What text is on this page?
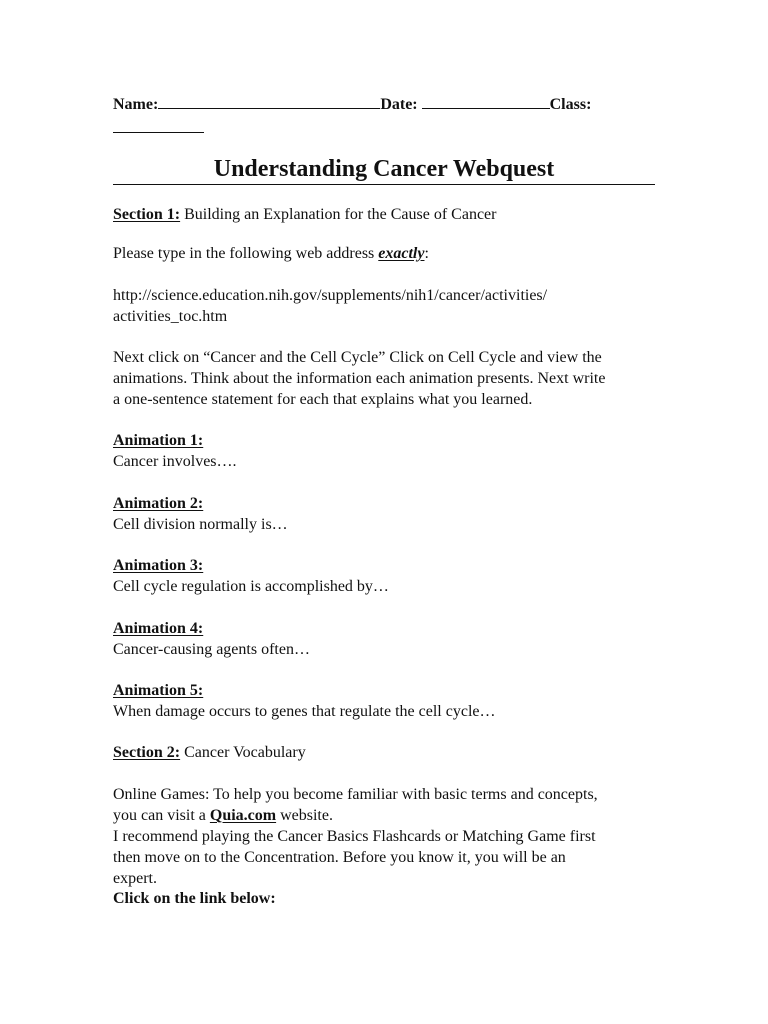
Name:	Date:	Class:
Understanding Cancer Webquest
Section 1: Building an Explanation for the Cause of Cancer
Please type in the following web address exactly:
http://science.education.nih.gov/supplements/nih1/cancer/activities/
activities_toc.htm
Next click on “Cancer and the Cell Cycle” Click on Cell Cycle and view the
animations. Think about the information each animation presents. Next write
a one-sentence statement for each that explains what you learned.
Animation 1:
Cancer involves….
Animation 2:
Cell division normally is…
Animation 3:
Cell cycle regulation is accomplished by…
Animation 4:
Cancer-causing agents often…
Animation 5:
When damage occurs to genes that regulate the cell cycle…
Section 2: Cancer Vocabulary
Online Games: To help you become familiar with basic terms and concepts,
you can visit a Quia.com website.
I recommend playing the Cancer Basics Flashcards or Matching Game first
then move on to the Concentration. Before you know it, you will be an
expert.
Click on the link below:
